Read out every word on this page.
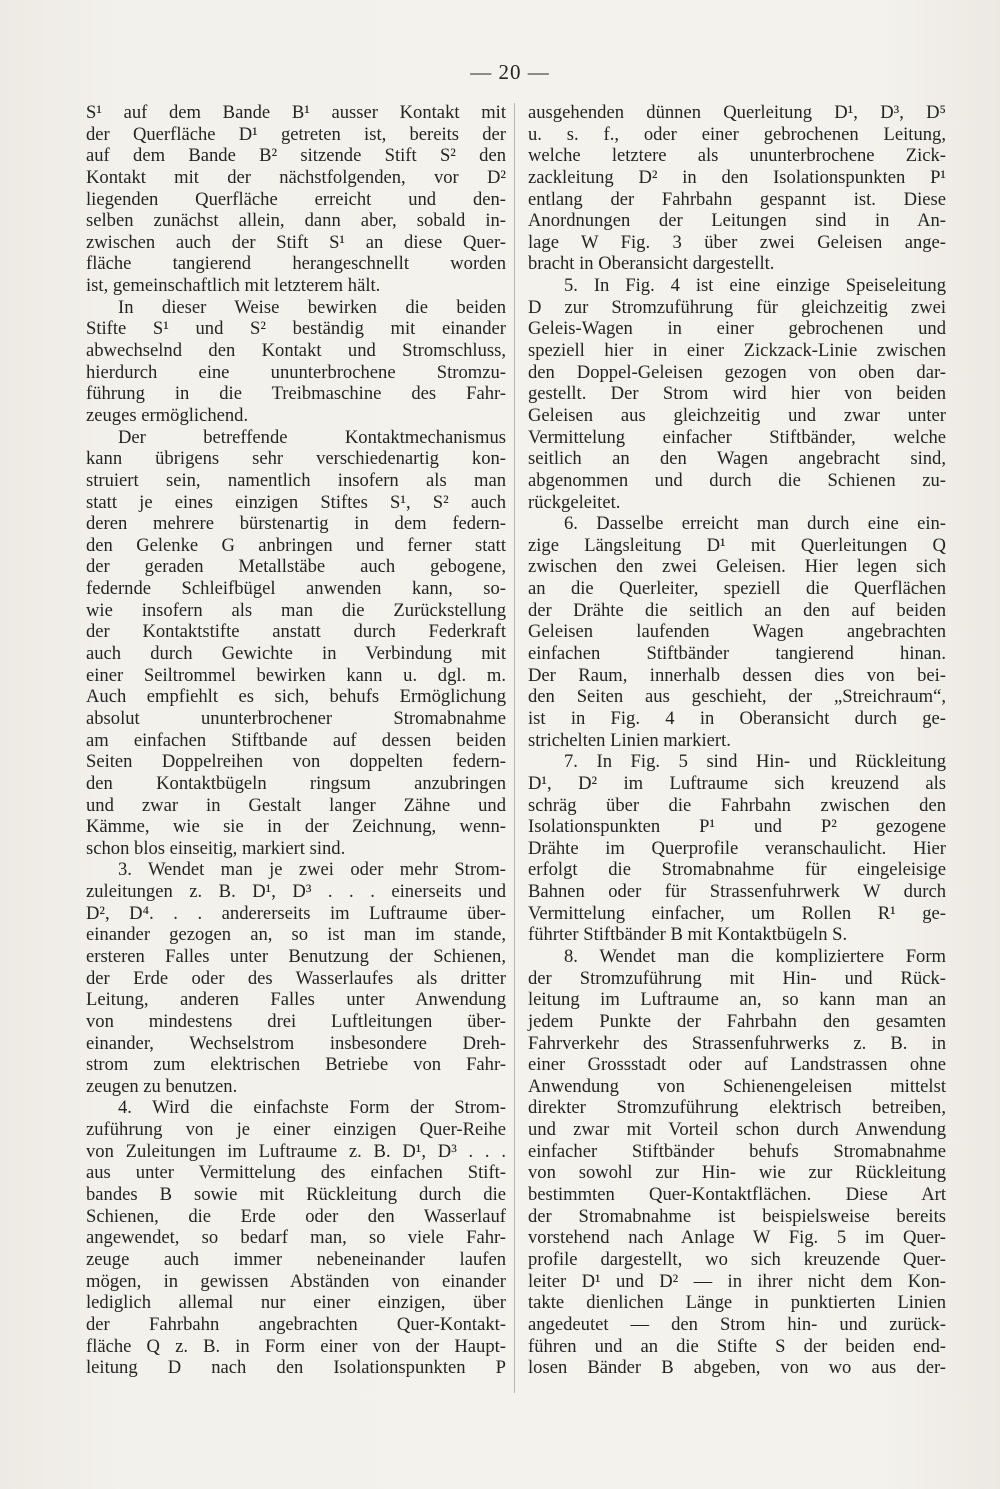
— 20 —
S¹ auf dem Bande B¹ ausser Kontakt mit
der Querfläche D¹ getreten ist, bereits der
auf dem Bande B² sitzende Stift S² den
Kontakt mit der nächstfolgenden, vor D²
liegenden Querfläche erreicht und den-
selben zunächst allein, dann aber, sobald in-
zwischen auch der Stift S¹ an diese Quer-
fläche tangierend herangeschnellt worden
ist, gemeinschaftlich mit letzterem hält.
In dieser Weise bewirken die beiden
Stifte S¹ und S² beständig mit einander
abwechselnd den Kontakt und Stromschluss,
hierdurch eine ununterbrochene Stromzu-
führung in die Treibmaschine des Fahr-
zeuges ermöglichend.
Der betreffende Kontaktmechanismus
kann übrigens sehr verschiedenartig kon-
struiert sein, namentlich insofern als man
statt je eines einzigen Stiftes S¹, S² auch
deren mehrere bürstenartig in dem federn-
den Gelenke G anbringen und ferner statt
der geraden Metallstäbe auch gebogene,
federnde Schleifbügel anwenden kann, so-
wie insofern als man die Zurückstellung
der Kontaktstifte anstatt durch Federkraft
auch durch Gewichte in Verbindung mit
einer Seiltrommel bewirken kann u. dgl. m.
Auch empfiehlt es sich, behufs Ermöglichung
absolut ununterbrochener Stromabnahme
am einfachen Stiftbande auf dessen beiden
Seiten Doppelreihen von doppelten federn-
den Kontaktbügeln ringsum anzubringen
und zwar in Gestalt langer Zähne und
Kämme, wie sie in der Zeichnung, wenn-
schon blos einseitig, markiert sind.
3. Wendet man je zwei oder mehr Strom-
zuleitungen z. B. D¹, D³ . . . einerseits und
D², D⁴. . . andererseits im Luftraume über-
einander gezogen an, so ist man im stande,
ersteren Falles unter Benutzung der Schienen,
der Erde oder des Wasserlaufes als dritter
Leitung, anderen Falles unter Anwendung
von mindestens drei Luftleitungen über-
einander, Wechselstrom insbesondere Dreh-
strom zum elektrischen Betriebe von Fahr-
zeugen zu benutzen.
4. Wird die einfachste Form der Strom-
zuführung von je einer einzigen Quer-Reihe
von Zuleitungen im Luftraume z. B. D¹, D³ . . .
aus unter Vermittelung des einfachen Stift-
bandes B sowie mit Rückleitung durch die
Schienen, die Erde oder den Wasserlauf
angewendet, so bedarf man, so viele Fahr-
zeuge auch immer nebeneinander laufen
mögen, in gewissen Abständen von einander
lediglich allemal nur einer einzigen, über
der Fahrbahn angebrachten Quer-Kontakt-
fläche Q z. B. in Form einer von der Haupt-
leitung D nach den Isolationspunkten P
ausgehenden dünnen Querleitung D¹, D³, D⁵
u. s. f., oder einer gebrochenen Leitung,
welche letztere als ununterbrochene Zick-
zackleitung D² in den Isolationspunkten P¹
entlang der Fahrbahn gespannt ist. Diese
Anordnungen der Leitungen sind in An-
lage W Fig. 3 über zwei Geleisen ange-
bracht in Oberansicht dargestellt.
5. In Fig. 4 ist eine einzige Speiseleitung
D zur Stromzuführung für gleichzeitig zwei
Geleis-Wagen in einer gebrochenen und
speziell hier in einer Zickzack-Linie zwischen
den Doppel-Geleisen gezogen von oben dar-
gestellt. Der Strom wird hier von beiden
Geleisen aus gleichzeitig und zwar unter
Vermittelung einfacher Stiftbänder, welche
seitlich an den Wagen angebracht sind,
abgenommen und durch die Schienen zu-
rückgeleitet.
6. Dasselbe erreicht man durch eine ein-
zige Längsleitung D¹ mit Querleitungen Q
zwischen den zwei Geleisen. Hier legen sich
an die Querleiter, speziell die Querflächen
der Drähte die seitlich an den auf beiden
Geleisen laufenden Wagen angebrachten
einfachen Stiftbänder tangierend hinan.
Der Raum, innerhalb dessen dies von bei-
den Seiten aus geschieht, der „Streichraum“,
ist in Fig. 4 in Oberansicht durch ge-
strichelten Linien markiert.
7. In Fig. 5 sind Hin- und Rückleitung
D¹, D² im Luftraume sich kreuzend als
schräg über die Fahrbahn zwischen den
Isolationspunkten P¹ und P² gezogene
Drähte im Querprofile veranschaulicht. Hier
erfolgt die Stromabnahme für eingeleisige
Bahnen oder für Strassenfuhrwerk W durch
Vermittelung einfacher, um Rollen R¹ ge-
führter Stiftbänder B mit Kontaktbügeln S.
8. Wendet man die kompliziertere Form
der Stromzuführung mit Hin- und Rück-
leitung im Luftraume an, so kann man an
jedem Punkte der Fahrbahn den gesamten
Fahrverkehr des Strassenfuhrwerks z. B. in
einer Grossstadt oder auf Landstrassen ohne
Anwendung von Schienengeleisen mittelst
direkter Stromzuführung elektrisch betreiben,
und zwar mit Vorteil schon durch Anwendung
einfacher Stiftbänder behufs Stromabnahme
von sowohl zur Hin- wie zur Rückleitung
bestimmten Quer-Kontaktflächen. Diese Art
der Stromabnahme ist beispielsweise bereits
vorstehend nach Anlage W Fig. 5 im Quer-
profile dargestellt, wo sich kreuzende Quer-
leiter D¹ und D² — in ihrer nicht dem Kon-
takte dienlichen Länge in punktierten Linien
angedeutet — den Strom hin- und zurück-
führen und an die Stifte S der beiden end-
losen Bänder B abgeben, von wo aus der-
